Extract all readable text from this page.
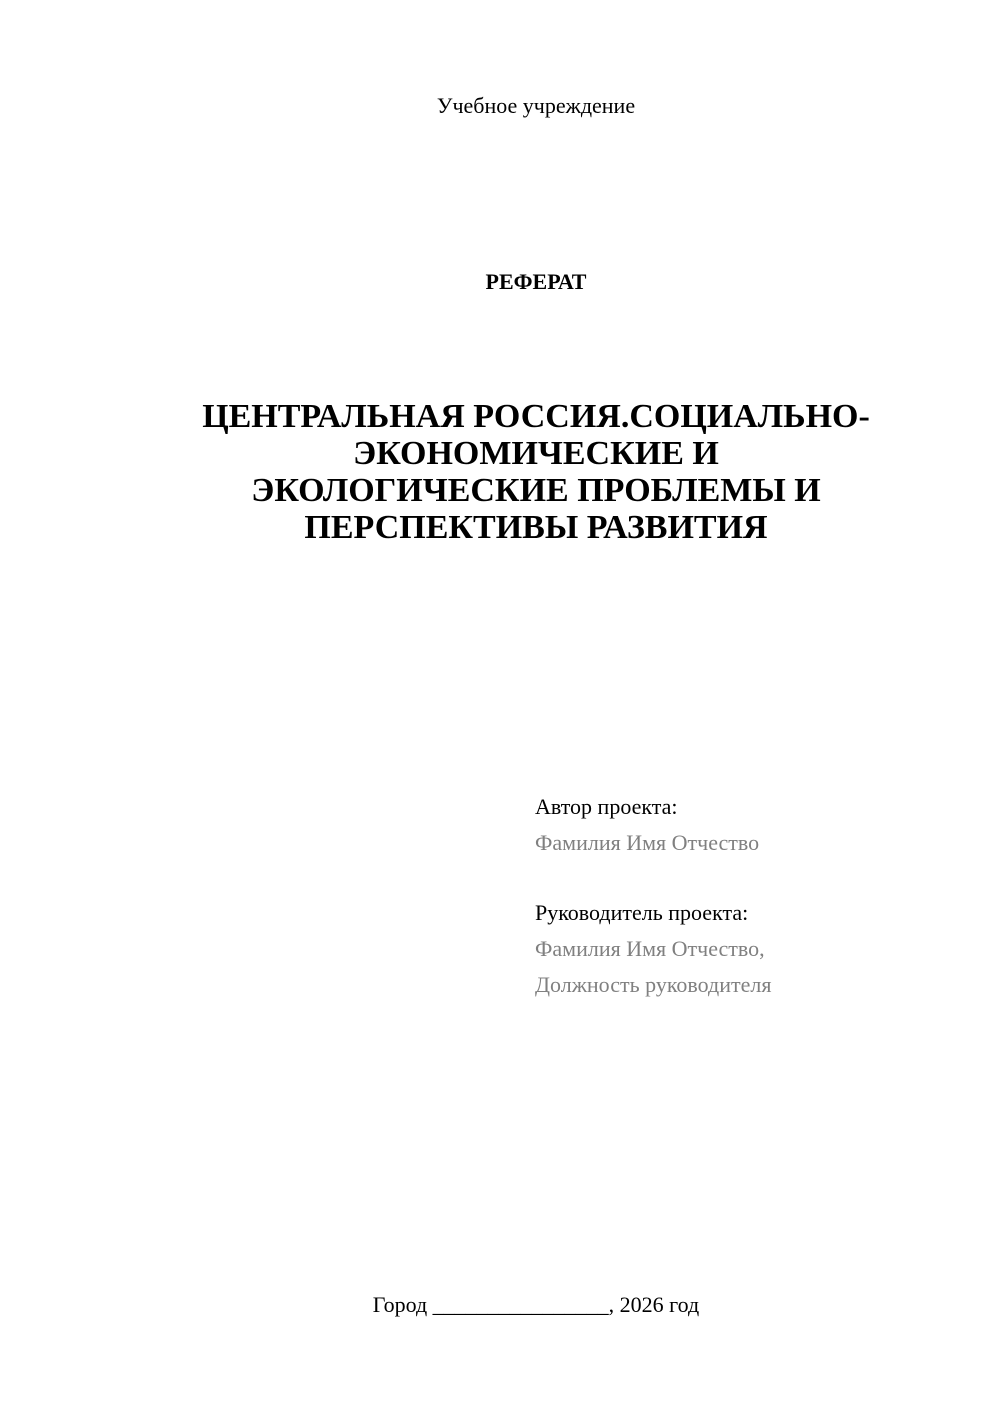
Учебное учреждение
РЕФЕРАТ
ЦЕНТРАЛЬНАЯ РОССИЯ.СОЦИАЛЬНО-
ЭКОНОМИЧЕСКИЕ И
ЭКОЛОГИЧЕСКИЕ ПРОБЛЕМЫ И
ПЕРСПЕКТИВЫ РАЗВИТИЯ
Автор проекта:
Фамилия Имя Отчество
Руководитель проекта:
Фамилия Имя Отчество,
Должность руководителя
Город ________________, 2026 год
